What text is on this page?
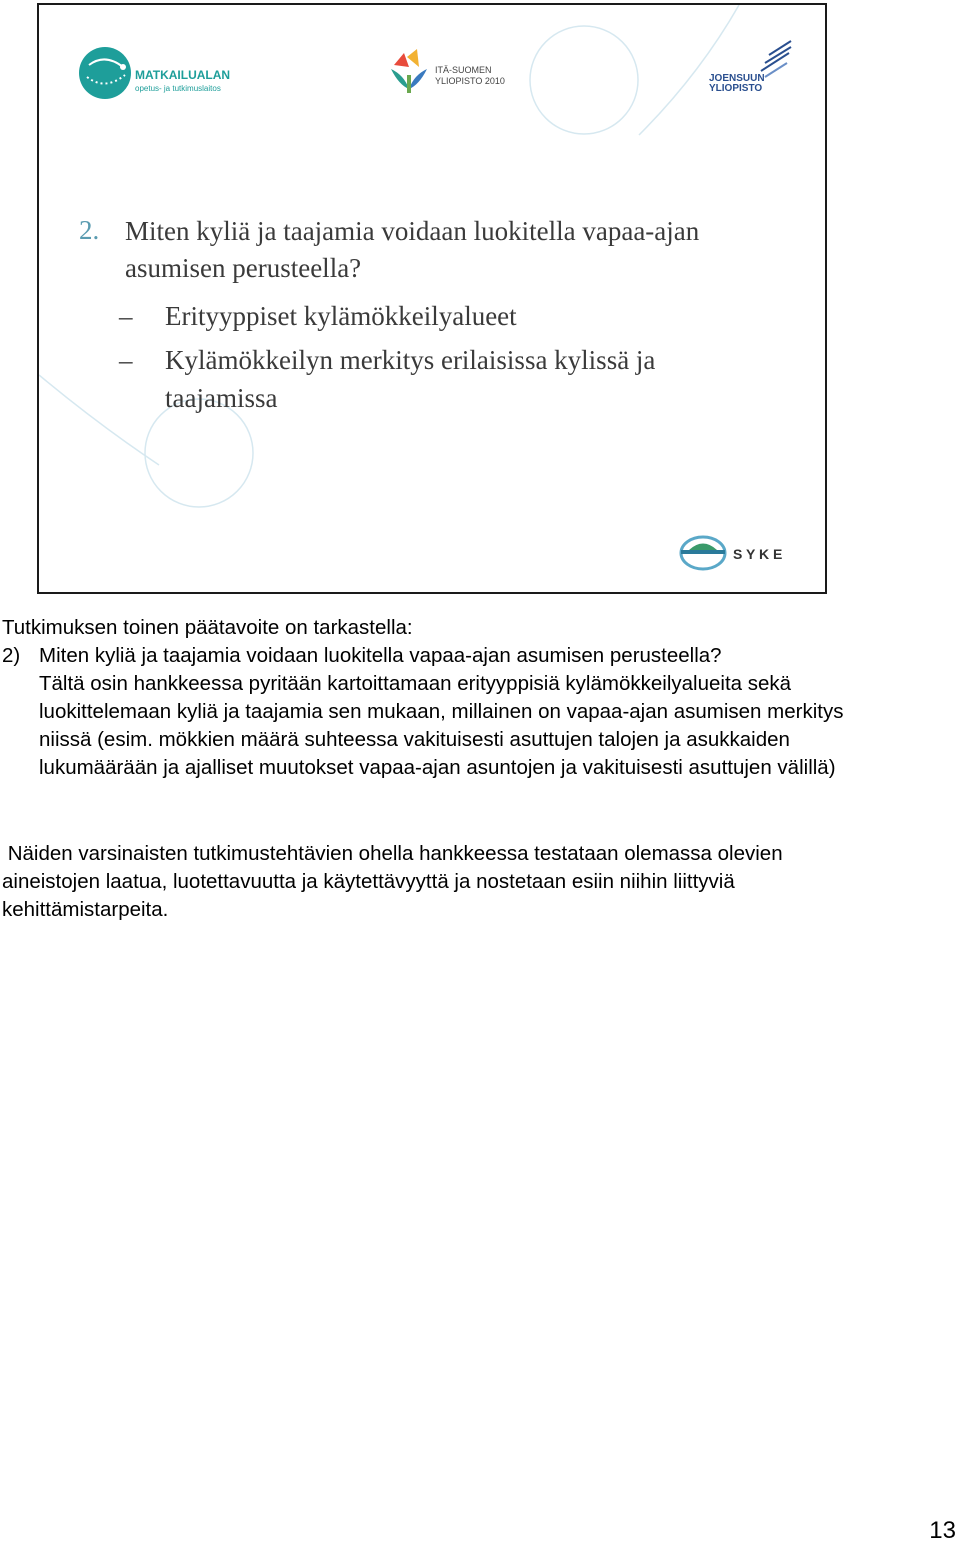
MATKAILUALAN
opetus- ja tutkimuslaitos
ITÄ-SUOMEN
YLIOPISTO 2010	JOENSUUN
YLIOPISTO
S Y K E
2. Miten kyliä ja taajamia voidaan luokitella vapaa-ajan asumisen perusteella?
– Erityyppiset kylämökkeilyalueet
– Kylämökkeilyn merkitys erilaisissa kylissä ja taajamissa
Tutkimuksen toinen päätavoite on tarkastella:
2) Miten kyliä ja taajamia voidaan luokitella vapaa-ajan asumisen perusteella?
Tältä osin hankkeessa pyritään kartoittamaan erityyppisiä kylämökkeilyalueita sekä luokittelemaan kyliä ja taajamia sen mukaan, millainen on vapaa-ajan asumisen merkitys niissä (esim. mökkien määrä suhteessa vakituisesti asuttujen talojen ja asukkaiden lukumäärään ja ajalliset muutokset vapaa-ajan asuntojen ja vakituisesti asuttujen välillä)
Näiden varsinaisten tutkimustehtävien ohella hankkeessa testataan olemassa olevien aineistojen laatua, luotettavuutta ja käytettävyyttä ja nostetaan esiin niihin liittyviä kehittämistarpeita.
13
